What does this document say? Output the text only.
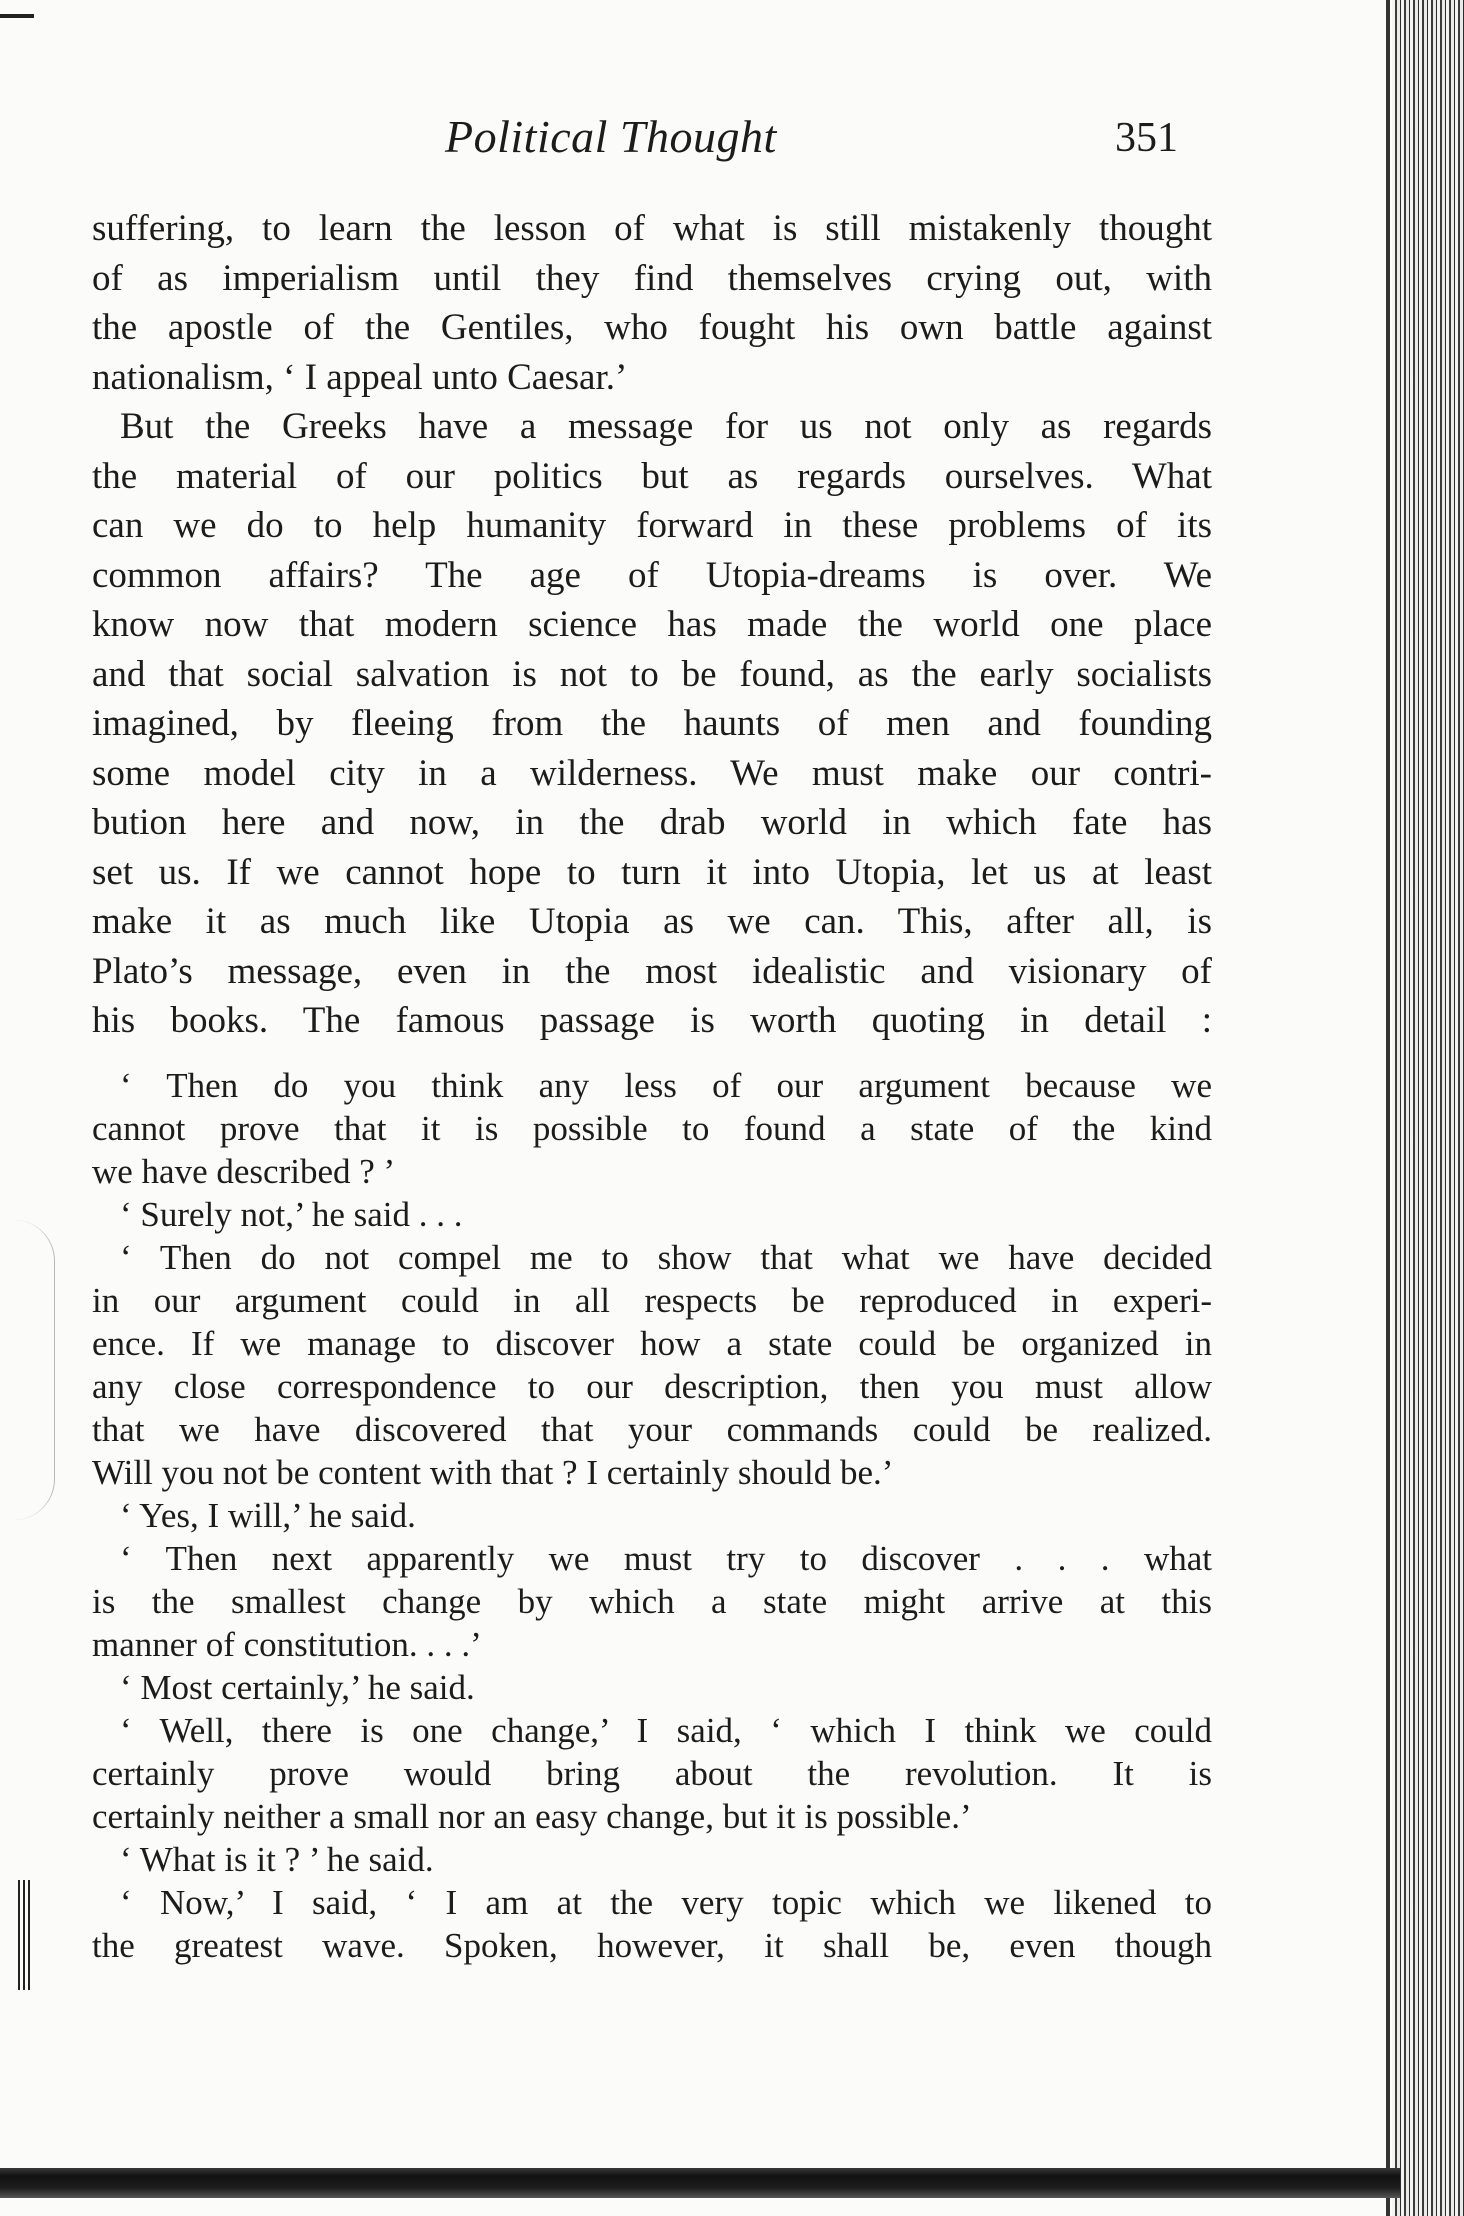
Political Thought	351
suffering, to learn the lesson of what is still mistakenly thought
of as imperialism until they find themselves crying out, with
the apostle of the Gentiles, who fought his own battle against
nationalism, ‘ I appeal unto Caesar.’
But the Greeks have a message for us not only as regards
the material of our politics but as regards ourselves. What
can we do to help humanity forward in these problems of its
common affairs? The age of Utopia-dreams is over. We
know now that modern science has made the world one place
and that social salvation is not to be found, as the early socialists
imagined, by fleeing from the haunts of men and founding
some model city in a wilderness. We must make our contri-
bution here and now, in the drab world in which fate has
set us. If we cannot hope to turn it into Utopia, let us at least
make it as much like Utopia as we can. This, after all, is
Plato’s message, even in the most idealistic and visionary of
his books. The famous passage is worth quoting in detail :
‘ Then do you think any less of our argument because we
cannot prove that it is possible to found a state of the kind
we have described ? ’
‘ Surely not,’ he said . . .
‘ Then do not compel me to show that what we have decided
in our argument could in all respects be reproduced in experi-
ence. If we manage to discover how a state could be organized in
any close correspondence to our description, then you must allow
that we have discovered that your commands could be realized.
Will you not be content with that ? I certainly should be.’
‘ Yes, I will,’ he said.
‘ Then next apparently we must try to discover . . . what
is the smallest change by which a state might arrive at this
manner of constitution. . . .’
‘ Most certainly,’ he said.
‘ Well, there is one change,’ I said, ‘ which I think we could
certainly prove would bring about the revolution. It is
certainly neither a small nor an easy change, but it is possible.’
‘ What is it ? ’ he said.
‘ Now,’ I said, ‘ I am at the very topic which we likened to
the greatest wave. Spoken, however, it shall be, even though
